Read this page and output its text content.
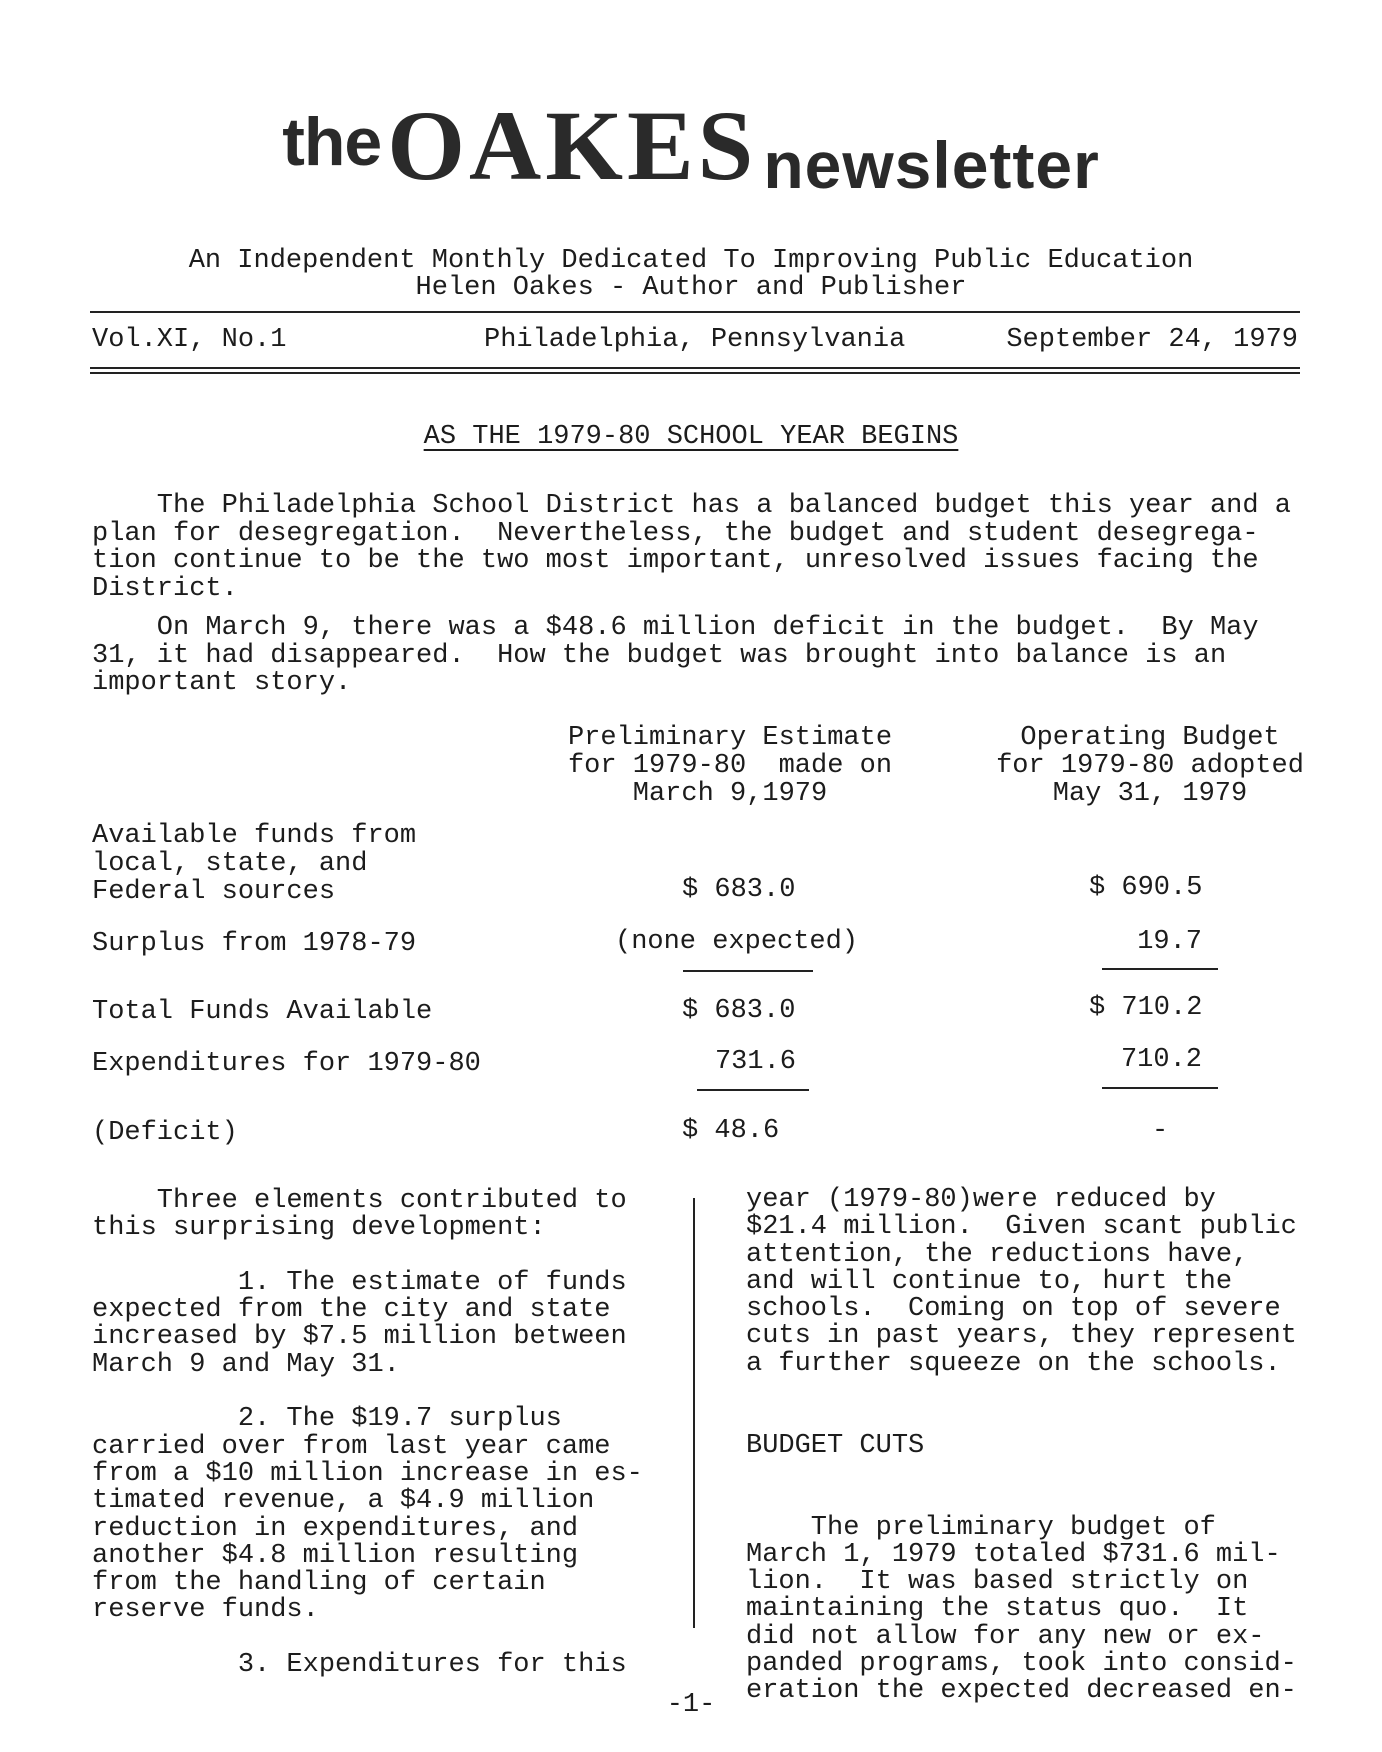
the OAKES newsletter
An Independent Monthly Dedicated To Improving Public Education
Helen Oakes - Author and Publisher
Vol.XI, No.1	Philadelphia, Pennsylvania	September 24, 1979
AS THE 1979-80 SCHOOL YEAR BEGINS

The Philadelphia School District has a balanced budget this year and a
plan for desegregation.  Nevertheless, the budget and student desegrega-
tion continue to be the two most important, unresolved issues facing the
District.

On March 9, there was a $48.6 million deficit in the budget.  By May
31, it had disappeared.  How the budget was brought into balance is an
important story.

Preliminary Estimate
for 1979-80  made on
March 9,1979
Operating Budget
for 1979-80 adopted
May 31, 1979
Available funds from
local, state, and
Federal sources	$ 683.0	$ 690.5
Surplus from 1978-79	(none expected)	19.7
Total Funds Available	$ 683.0	$ 710.2
Expenditures for 1979-80	731.6	710.2
(Deficit)	$ 48.6	-

Three elements contributed to
this surprising development:

1. The estimate of funds
expected from the city and state
increased by $7.5 million between
March 9 and May 31.

2. The $19.7 surplus
carried over from last year came
from a $10 million increase in es-
timated revenue, a $4.9 million
reduction in expenditures, and
another $4.8 million resulting
from the handling of certain
reserve funds.

3. Expenditures for this

year (1979-80)were reduced by
$21.4 million.  Given scant public
attention, the reductions have,
and will continue to, hurt the
schools.  Coming on top of severe
cuts in past years, they represent
a further squeeze on the schools.

BUDGET CUTS

The preliminary budget of
March 1, 1979 totaled $731.6 mil-
lion.  It was based strictly on
maintaining the status quo.  It
did not allow for any new or ex-
panded programs, took into consid-
eration the expected decreased en-

-1-
